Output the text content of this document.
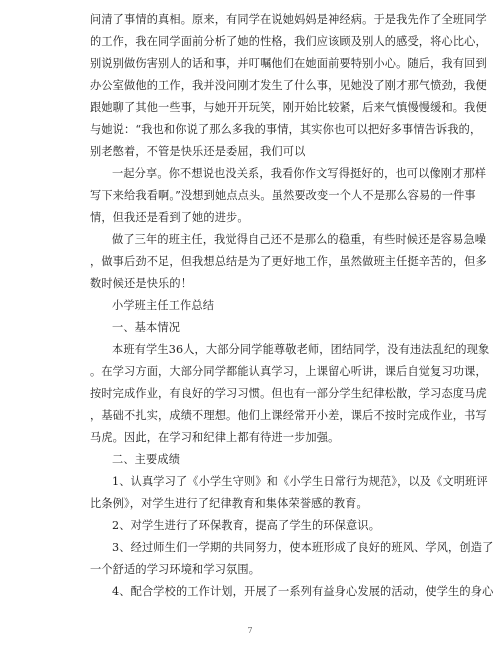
问清了事情的真相。原来，有同学在说她妈妈是神经病。于是我先作了全班同学
的工作，我在同学面前分析了她的性格，我们应该顾及别人的感受，将心比心，
别说别做伤害别人的话和事，并叮嘱他们在她面前要特别小心。随后，我有回到
办公室做他的工作，我并没问刚才发生了什么事，见她没了刚才那气愤劲，我便
跟她聊了其他一些事，与她开开玩笑，刚开始比较紧，后来气慎慢慢缓和。我便
与她说：“我也和你说了那么多我的事情，其实你也可以把好多事情告诉我的，
别老憋着，不管是快乐还是委屈，我们可以
一起分享。你不想说也没关系，我看你作文写得挺好的，也可以像刚才那样
写下来给我看啊。”没想到她点点头。虽然要改变一个人不是那么容易的一件事
情，但我还是看到了她的进步。
做了三年的班主任，我觉得自己还不是那么的稳重，有些时候还是容易急噪
，做事后劲不足，但我想总结是为了更好地工作，虽然做班主任挺辛苦的，但多
数时候还是快乐的！
小学班主任工作总结
一、基本情况
本班有学生36人，大部分同学能尊敬老师，团结同学，没有违法乱纪的现象
。在学习方面，大部分同学都能认真学习，上课留心听讲，课后自觉复习功课，
按时完成作业，有良好的学习习惯。但也有一部分学生纪律松散，学习态度马虎
，基础不扎实，成绩不理想。他们上课经常开小差，课后不按时完成作业，书写
马虎。因此，在学习和纪律上都有待进一步加强。
二、主要成绩
1、认真学习了《小学生守则》和《小学生日常行为规范》，以及《文明班评
比条例》，对学生进行了纪律教育和集体荣誉感的教育。
2、对学生进行了环保教育，提高了学生的环保意识。
3、经过师生们一学期的共同努力，使本班形成了良好的班风、学风，创造了
一个舒适的学习环境和学习氛围。
4、配合学校的工作计划，开展了一系列有益身心发展的活动，使学生的身心
7
